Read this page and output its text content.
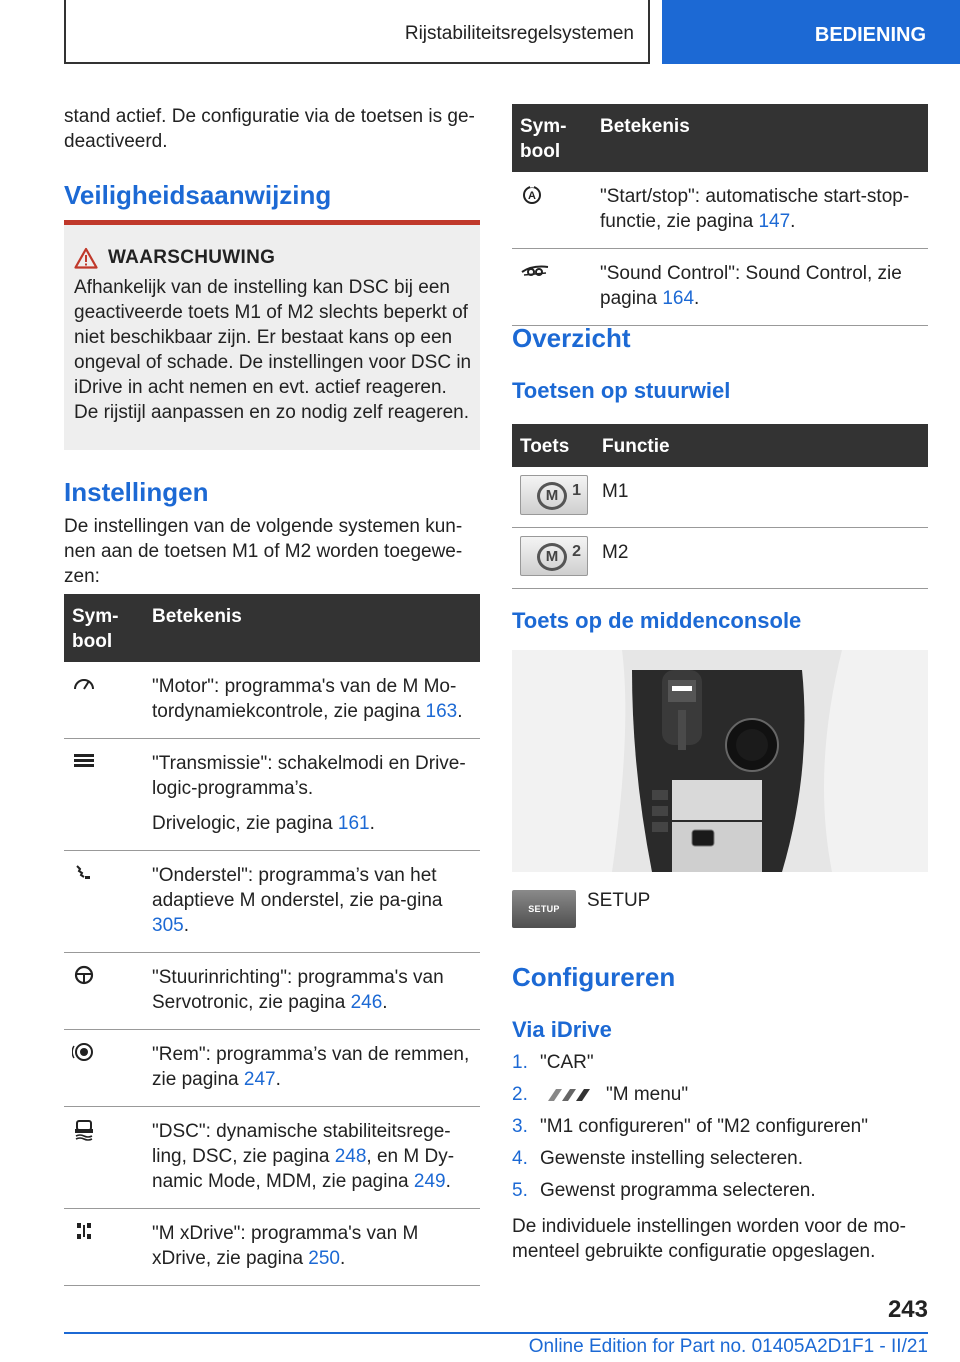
Rijstabiliteitsregelsystemen	BEDIENING

stand actief. De configuratie via de toetsen is ge-deactiveerd.

Veiligheidsaanwijzing
WAARSCHUWING

Afhankelijk van de instelling kan DSC bij een geactiveerde toets M1 of M2 slechts beperkt of niet beschikbaar zijn. Er bestaat kans op een ongeval of schade. De instellingen voor DSC in iDrive in acht nemen en evt. actief reageren. De rijstijl aanpassen en zo nodig zelf reageren.

Instellingen

De instellingen van de volgende systemen kun-nen aan de toetsen M1 of M2 worden toegewe-zen:

Sym-bool	Betekenis
	"Motor": programma's van de M Mo-tordynamiekcontrole, zie pagina 163.

"Transmissie": schakelmodi en Drive-logic-programma’s.

Drivelogic, zie pagina 161.

	"Onderstel": programma’s van het adaptieve M onderstel, zie pa-gina 305.
	"Stuurinrichting": programma's van Servotronic, zie pagina 246.
	"Rem": programma’s van de remmen, zie pagina 247.
	"DSC": dynamische stabiliteitsrege-ling, DSC, zie pagina 248, en M Dy-namic Mode, MDM, zie pagina 249.
	"M xDrive": programma's van M xDrive, zie pagina 250.
Sym-bool	Betekenis

A	"Start/stop": automatische start-stop-functie, zie pagina 147.
	"Sound Control": Sound Control, zie pagina 164.
Overzicht
Toetsen op stuurwiel
Toets	Functie

M 1	M1

M 2	M2
Toets op de middenconsole
SETUP	SETUP
Configureren
Via iDrive
1. "CAR"
2.	"M menu"
3. "M1 configureren" of "M2 configureren"
4. Gewenste instelling selecteren.
5. Gewenst programma selecteren.

De individuele instellingen worden voor de mo-menteel gebruikte configuratie opgeslagen.

243
Online Edition for Part no. 01405A2D1F1 - II/21
